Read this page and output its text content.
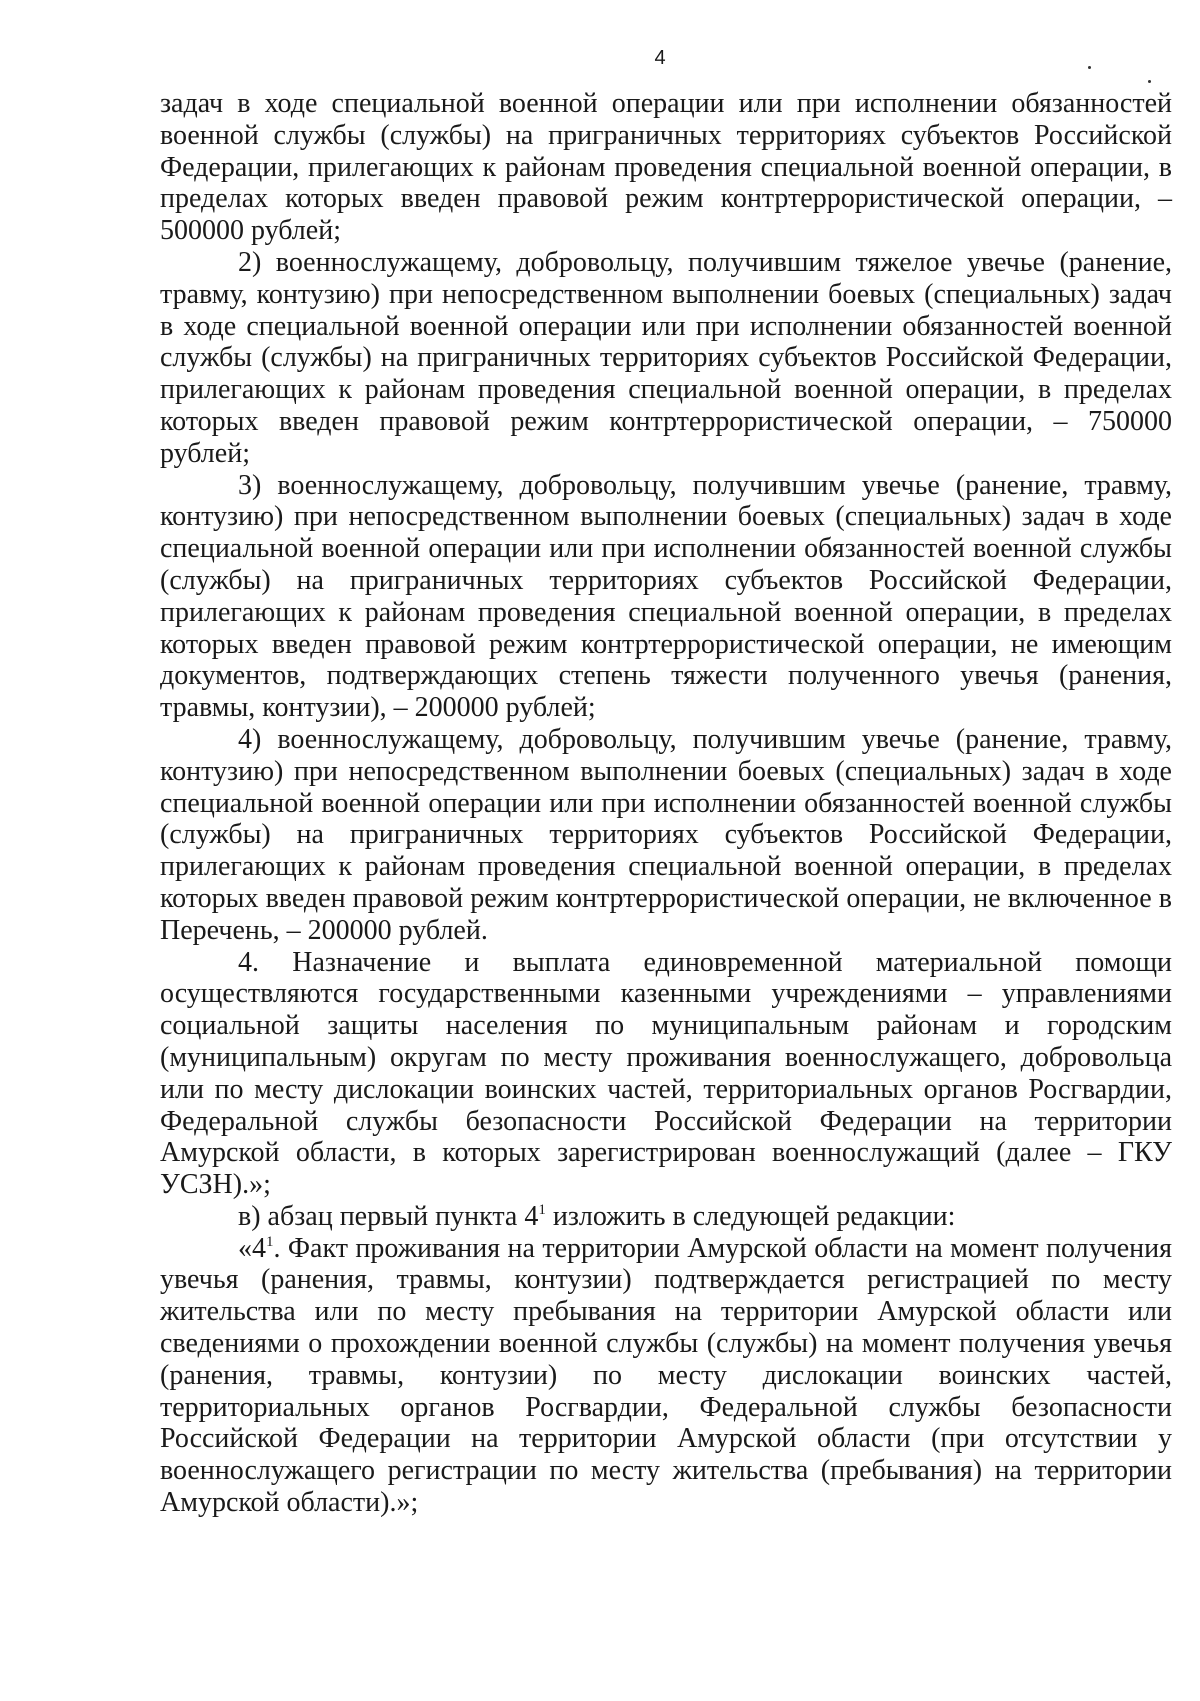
4

задач в ходе специальной военной операции или при исполнении обязанностей военной службы (службы) на приграничных территориях субъектов Российской Федерации, прилегающих к районам проведения специальной военной операции, в пределах которых введен правовой режим контртеррористической операции, – 500000 рублей;

2) военнослужащему, добровольцу, получившим тяжелое увечье (ранение, травму, контузию) при непосредственном выполнении боевых (специальных) задач в ходе специальной военной операции или при исполнении обязанностей военной службы (службы) на приграничных территориях субъектов Российской Федерации, прилегающих к районам проведения специальной военной операции, в пределах которых введен правовой режим контртеррористической операции, – 750000 рублей;

3) военнослужащему, добровольцу, получившим увечье (ранение, травму, контузию) при непосредственном выполнении боевых (специальных) задач в ходе специальной военной операции или при исполнении обязанностей военной службы (службы) на приграничных территориях субъектов Российской Федерации, прилегающих к районам проведения специальной военной операции, в пределах которых введен правовой режим контртеррористической операции, не имеющим документов, подтверждающих степень тяжести полученного увечья (ранения, травмы, контузии), – 200000 рублей;

4) военнослужащему, добровольцу, получившим увечье (ранение, травму, контузию) при непосредственном выполнении боевых (специальных) задач в ходе специальной военной операции или при исполнении обязанностей военной службы (службы) на приграничных территориях субъектов Российской Федерации, прилегающих к районам проведения специальной военной операции, в пределах которых введен правовой режим контртеррористической операции, не включенное в Перечень, – 200000 рублей.

4. Назначение и выплата единовременной материальной помощи осуществляются государственными казенными учреждениями – управлениями социальной защиты населения по муниципальным районам и городским (муниципальным) округам по месту проживания военнослужащего, добровольца или по месту дислокации воинских частей, территориальных органов Росгвардии, Федеральной службы безопасности Российской Федерации на территории Амурской области, в которых зарегистрирован военнослужащий (далее – ГКУ УСЗН).»;

в) абзац первый пункта $4^1$ изложить в следующей редакции:

«$4^1$. Факт проживания на территории Амурской области на момент получения увечья (ранения, травмы, контузии) подтверждается регистрацией по месту жительства или по месту пребывания на территории Амурской области или сведениями о прохождении военной службы (службы) на момент получения увечья (ранения, травмы, контузии) по месту дислокации воинских частей, территориальных органов Росгвардии, Федеральной службы безопасности Российской Федерации на территории Амурской области (при отсутствии у военнослужащего регистрации по месту жительства (пребывания) на территории Амурской области).»;
